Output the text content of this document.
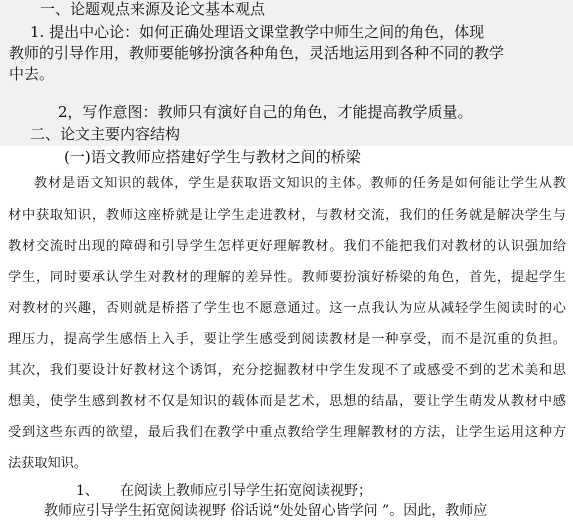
一、论题观点来源及论文基本观点
1. 提出中心论：如何正确处理语文课堂教学中师生之间的角色，体现
教师的引导作用，教师要能够扮演各种角色，灵活地运用到各种不同的教学
中去。
2，写作意图：教师只有演好自己的角色，才能提高教学质量。
二、论文主要内容结构
(一)语文教师应搭建好学生与教材之间的桥梁
教材是语文知识的载体，学生是获取语文知识的主体。教师的任务是如何能让学生从教
材中获取知识，教师这座桥就是让学生走进教材，与教材交流，我们的任务就是解决学生与
教材交流时出现的障碍和引导学生怎样更好理解教材。我们不能把我们对教材的认识强加给
学生，同时要承认学生对教材的理解的差异性。教师要扮演好桥梁的角色，首先，提起学生
对教材的兴趣，否则就是桥搭了学生也不愿意通过。这一点我认为应从减轻学生阅读时的心
理压力，提高学生感悟上入手，要让学生感受到阅读教材是一种享受，而不是沉重的负担。
其次，我们要设计好教材这个诱饵，充分挖掘教材中学生发现不了或感受不到的艺术美和思
想美，使学生感到教材不仅是知识的载体而是艺术，思想的结晶，要让学生萌发从教材中感
受到这些东西的欲望，最后我们在教学中重点教给学生理解教材的方法，让学生运用这种方
法获取知识。
1、 在阅读上教师应引导学生拓宽阅读视野；
教师应引导学生拓宽阅读视野 俗话说“处处留心皆学问 ”。因此，教师应
